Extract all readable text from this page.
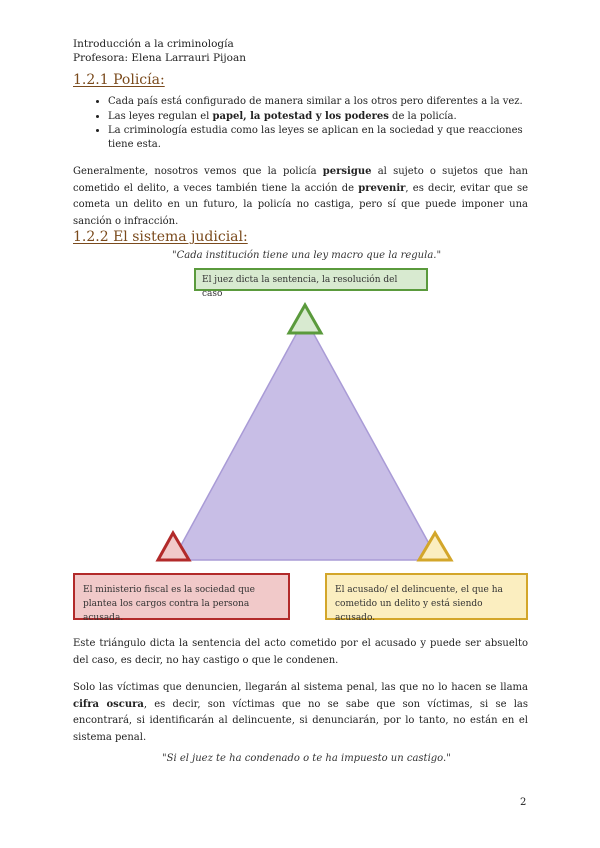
Introducción a la criminología
Profesora: Elena Larrauri Pijoan
1.2.1 Policía:
• Cada país está configurado de manera similar a los otros pero diferentes a la vez.
• Las leyes regulan el papel, la potestad y los poderes de la policía.
• La criminología estudia como las leyes se aplican en la sociedad y que reacciones tiene esta.

Generalmente, nosotros vemos que la policía persigue al sujeto o sujetos que han cometido el delito, a veces también tiene la acción de prevenir, es decir, evitar que se cometa un delito en un futuro, la policía no castiga, pero sí que puede imponer una sanción o infracción.

1.2.2 El sistema judicial:
"Cada institución tiene una ley macro que la regula."
El juez dicta la sentencia, la resolución del caso
El ministerio fiscal es la sociedad que plantea los cargos contra la persona acusada.
El acusado/ el delincuente, el que ha cometido un delito y está siendo acusado.

Este triángulo dicta la sentencia del acto cometido por el acusado y puede ser absuelto del caso, es decir, no hay castigo o que le condenen.

Solo las víctimas que denuncien, llegarán al sistema penal, las que no lo hacen se llama cifra oscura, es decir, son víctimas que no se sabe que son víctimas, si se las encontrará, si identificarán al delincuente, si denunciarán, por lo tanto, no están en el sistema penal.

"Si el juez te ha condenado o te ha impuesto un castigo."
2
